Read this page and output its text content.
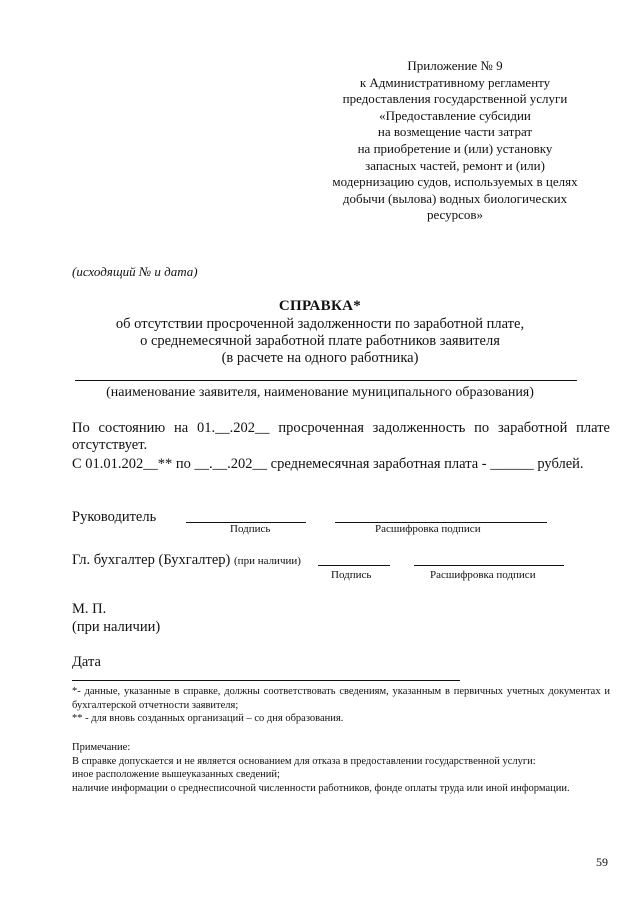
Приложение № 9
к Административному регламенту
предоставления государственной услуги
«Предоставление субсидии
на возмещение части затрат
на приобретение и (или) установку
запасных частей, ремонт и (или)
модернизацию судов, используемых в целях
добычи (вылова) водных биологических
ресурсов»
(исходящий № и дата)
СПРАВКА*
об отсутствии просроченной задолженности по заработной плате,
о среднемесячной заработной плате работников заявителя
(в расчете на одного работника)
(наименование заявителя, наименование муниципального образования)
По состоянию на 01.__.202__ просроченная задолженность по заработной плате отсутствует.
С 01.01.202__** по __.__.202__ среднемесячная заработная плата - ______ рублей.
Руководитель
Подпись	Расшифровка подписи
Гл. бухгалтер (Бухгалтер) (при наличии)
Подпись	Расшифровка подписи
М. П.
(при наличии)
Дата
*- данные, указанные в справке, должны соответствовать сведениям, указанным в первичных учетных документах и бухгалтерской отчетности заявителя;
** - для вновь созданных организаций – со дня образования.
Примечание:
В справке допускается и не является основанием для отказа в предоставлении государственной услуги:
иное расположение вышеуказанных сведений;
наличие информации о среднесписочной численности работников, фонде оплаты труда или иной информации.
59
